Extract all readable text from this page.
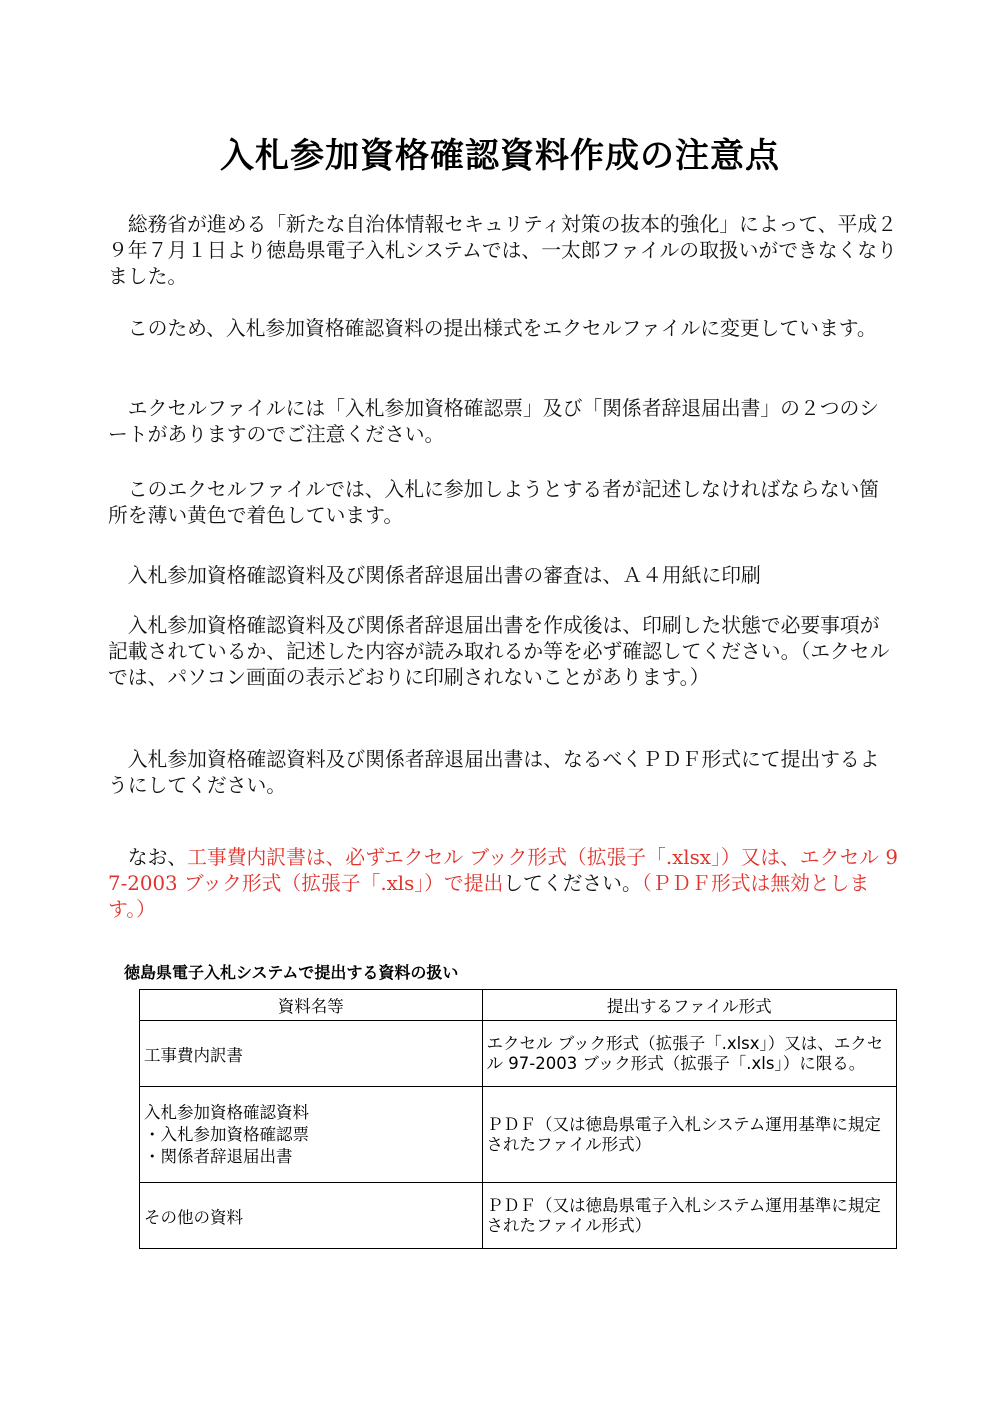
入札参加資格確認資料作成の注意点

総務省が進める「新たな自治体情報セキュリティ対策の抜本的強化」によって、平成２９年７月１日より徳島県電子入札システムでは、一太郎ファイルの取扱いができなくなりました。

このため、入札参加資格確認資料の提出様式をエクセルファイルに変更しています。

エクセルファイルには「入札参加資格確認票」及び「関係者辞退届出書」の２つのシートがありますのでご注意ください。

このエクセルファイルでは、入札に参加しようとする者が記述しなければならない箇所を薄い黄色で着色しています。

入札参加資格確認資料及び関係者辞退届出書の審査は、Ａ４用紙に印刷

入札参加資格確認資料及び関係者辞退届出書を作成後は、印刷した状態で必要事項が記載されているか、記述した内容が読み取れるか等を必ず確認してください。（エクセルでは、パソコン画面の表示どおりに印刷されないことがあります。）

入札参加資格確認資料及び関係者辞退届出書は、なるべくＰＤＦ形式にて提出するようにしてください。

なお、工事費内訳書は、必ずエクセル ブック形式（拡張子「.xlsx」）又は、エクセル 97-2003 ブック形式（拡張子「.xls」）で提出してください。（ＰＤＦ形式は無効とします。）

徳島県電子入札システムで提出する資料の扱い
資料名等	提出するファイル形式

工事費内訳書	エクセル ブック形式（拡張子「.xlsx」）又は、エクセル 97-2003 ブック形式（拡張子「.xls」）に限る。

入札参加資格確認資料
・入札参加資格確認票
・関係者辞退届出書	ＰＤＦ（又は徳島県電子入札システム運用基準に規定されたファイル形式）

その他の資料	ＰＤＦ（又は徳島県電子入札システム運用基準に規定されたファイル形式）
